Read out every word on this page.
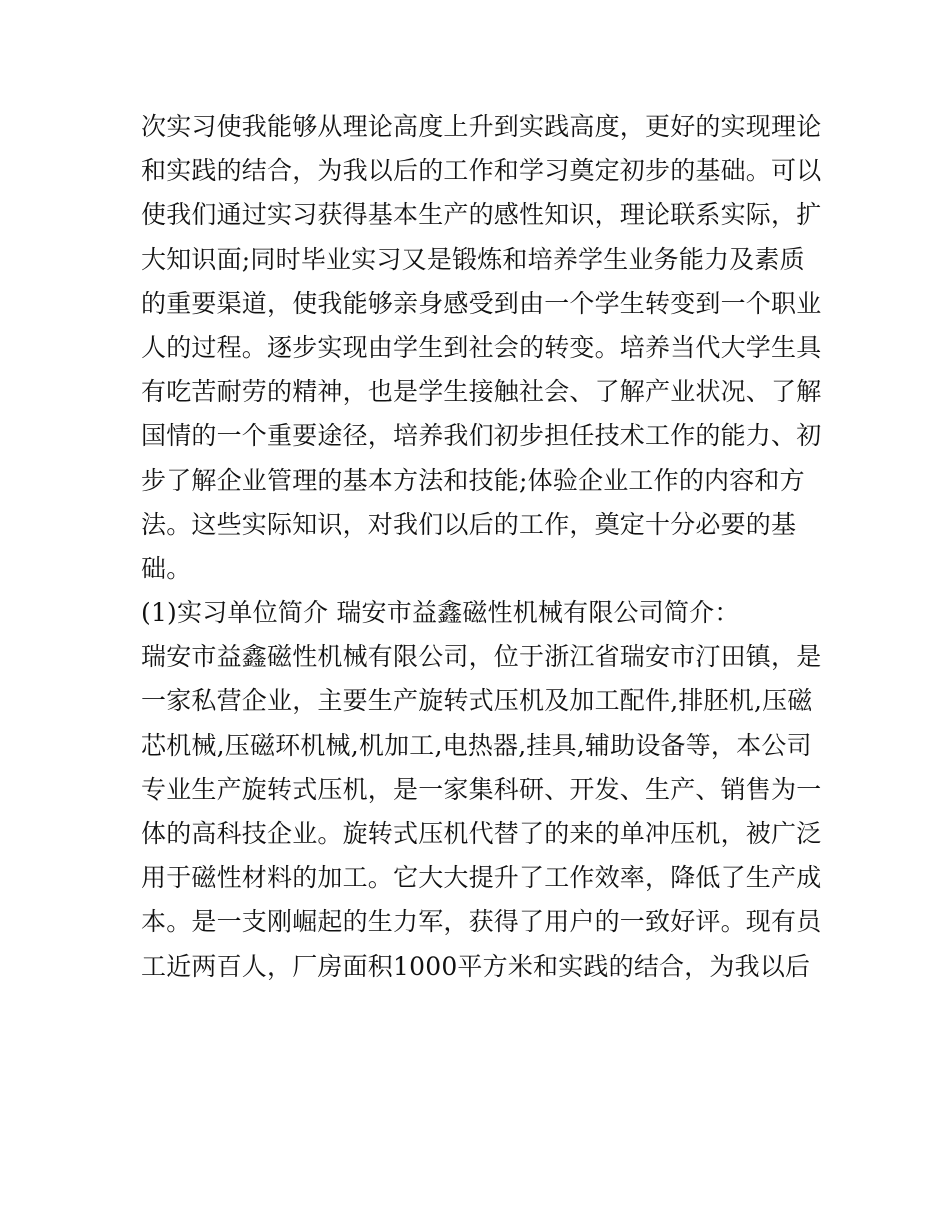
次实习使我能够从理论高度上升到实践高度，更好的实现理论
和实践的结合，为我以后的工作和学习奠定初步的基础。可以
使我们通过实习获得基本生产的感性知识，理论联系实际，扩
大知识面;同时毕业实习又是锻炼和培养学生业务能力及素质
的重要渠道，使我能够亲身感受到由一个学生转变到一个职业
人的过程。逐步实现由学生到社会的转变。培养当代大学生具
有吃苦耐劳的精神，也是学生接触社会、了解产业状况、了解
国情的一个重要途径，培养我们初步担任技术工作的能力、初
步了解企业管理的基本方法和技能;体验企业工作的内容和方
法。这些实际知识，对我们以后的工作，奠定十分必要的基
础。
(1)实习单位简介 瑞安市益鑫磁性机械有限公司简介：
瑞安市益鑫磁性机械有限公司，位于浙江省瑞安市汀田镇，是
一家私营企业，主要生产旋转式压机及加工配件,排胚机,压磁
芯机械,压磁环机械,机加工,电热器,挂具,辅助设备等，本公司
专业生产旋转式压机，是一家集科研、开发、生产、销售为一
体的高科技企业。旋转式压机代替了的来的单冲压机，被广泛
用于磁性材料的加工。它大大提升了工作效率，降低了生产成
本。是一支刚崛起的生力军，获得了用户的一致好评。现有员
工近两百人，厂房面积1000平方米和实践的结合，为我以后
